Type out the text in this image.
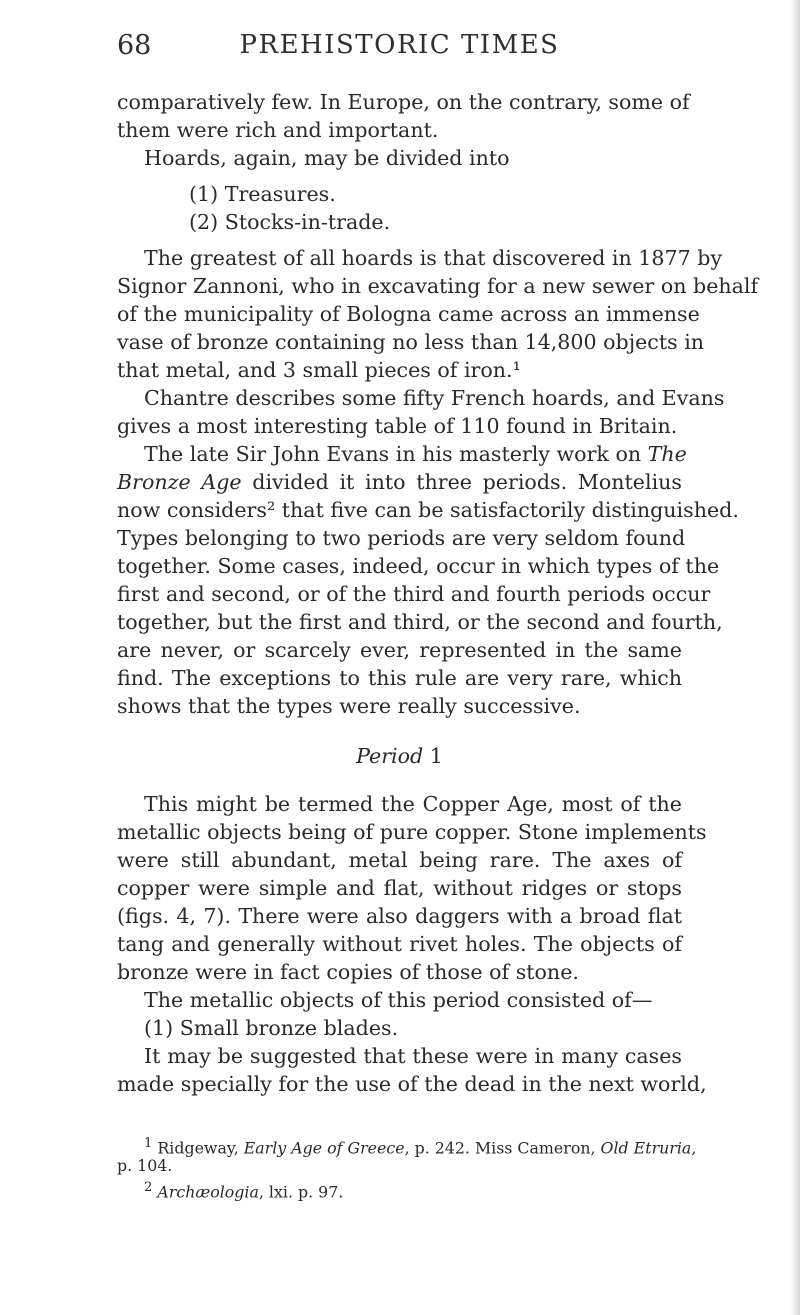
68	PREHISTORIC TIMES
comparatively few. In Europe, on the contrary, some of
them were rich and important.
Hoards, again, may be divided into
(1) Treasures.
(2) Stocks-in-trade.
The greatest of all hoards is that discovered in 1877 by
Signor Zannoni, who in excavating for a new sewer on behalf
of the municipality of Bologna came across an immense
vase of bronze containing no less than 14,800 objects in
that metal, and 3 small pieces of iron.¹
Chantre describes some fifty French hoards, and Evans
gives a most interesting table of 110 found in Britain.
The late Sir John Evans in his masterly work on The
Bronze Age divided it into three periods. Montelius
now considers² that five can be satisfactorily distinguished.
Types belonging to two periods are very seldom found
together. Some cases, indeed, occur in which types of the
first and second, or of the third and fourth periods occur
together, but the first and third, or the second and fourth,
are never, or scarcely ever, represented in the same
find. The exceptions to this rule are very rare, which
shows that the types were really successive.
Period 1
This might be termed the Copper Age, most of the
metallic objects being of pure copper. Stone implements
were still abundant, metal being rare. The axes of
copper were simple and flat, without ridges or stops
(figs. 4, 7). There were also daggers with a broad flat
tang and generally without rivet holes. The objects of
bronze were in fact copies of those of stone.
The metallic objects of this period consisted of—
(1) Small bronze blades.
It may be suggested that these were in many cases
made specially for the use of the dead in the next world,
$^1$ Ridgeway, Early Age of Greece, p. 242. Miss Cameron, Old Etruria,
p. 104.
$^2$ Archæologia, lxi. p. 97.
